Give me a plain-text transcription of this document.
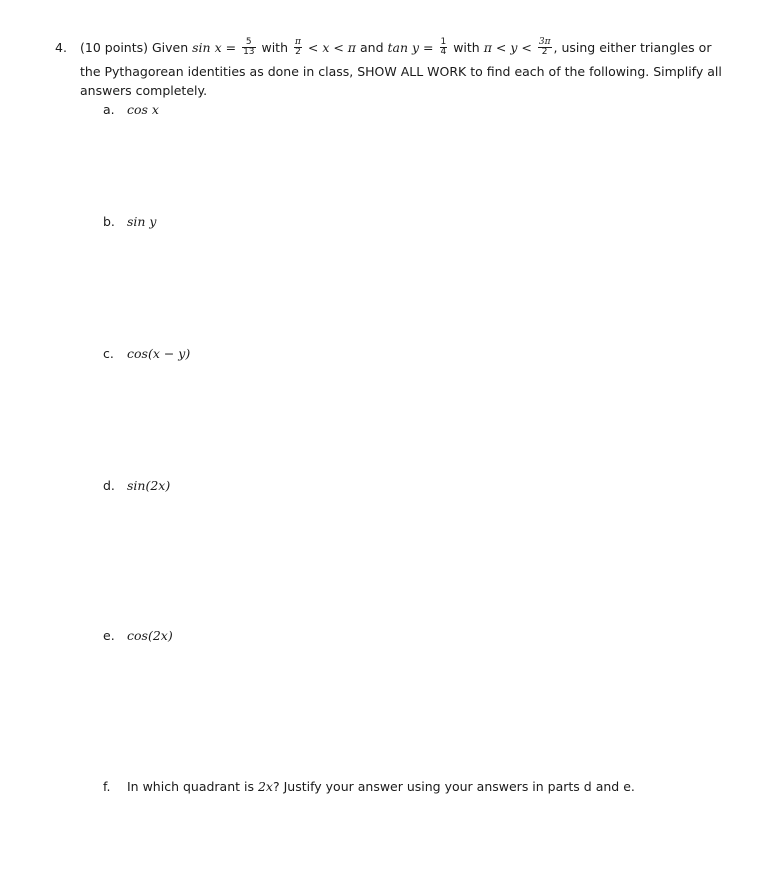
4. (10 points) Given $\sin x = \frac{5}{13}$ with $\frac{\pi}{2} < x < \pi$ and $\tan y = \frac{1}{4}$ with $\pi < y < \frac{3\pi}{2}$ , using either triangles or
the Pythagorean identities as done in class, SHOW ALL WORK to find each of the following. Simplify all
answers completely.
a. cos x
b. sin y
c. cos(x − y)
d. sin(2x)
e. cos(2x)
f. In which quadrant is 2x? Justify your answer using your answers in parts d and e.
